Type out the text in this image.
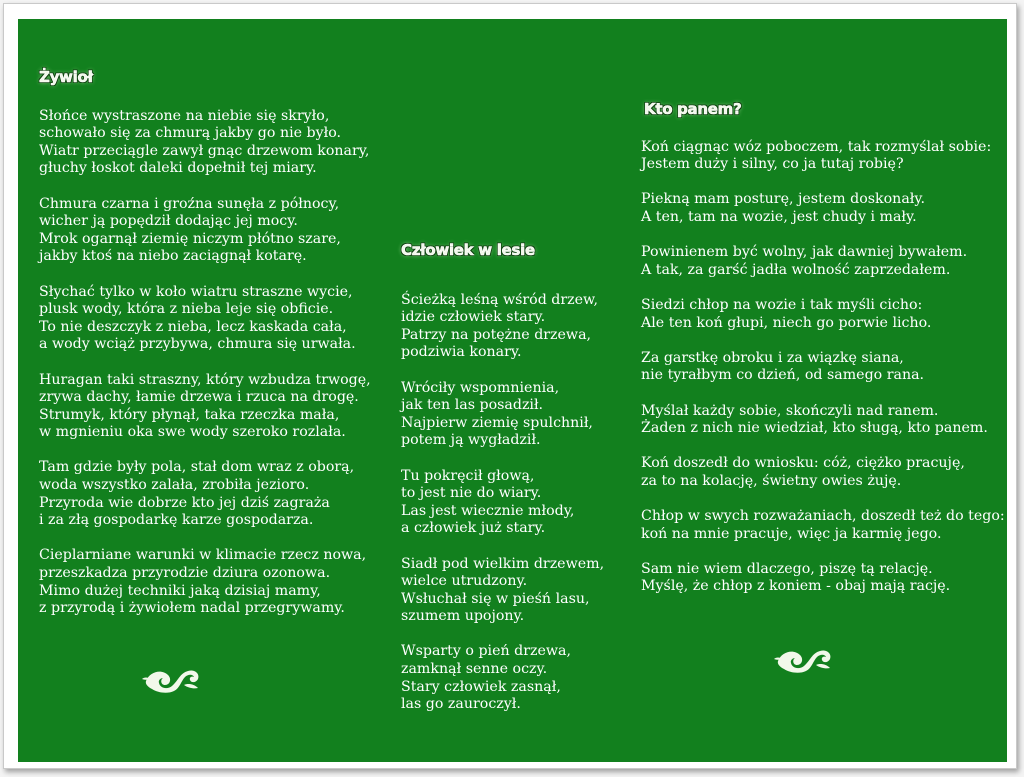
Żywioł
Słońce wystraszone na niebie się skryło,
schowało się za chmurą jakby go nie było.
Wiatr przeciągle zawył gnąc drzewom konary,
głuchy łoskot daleki dopełnił tej miary.
Chmura czarna i groźna sunęła z północy,
wicher ją popędził dodając jej mocy.
Mrok ogarnął ziemię niczym płótno szare,
jakby ktoś na niebo zaciągnął kotarę.
Słychać tylko w koło wiatru straszne wycie,
plusk wody, która z nieba leje się obficie.
To nie deszczyk z nieba, lecz kaskada cała,
a wody wciąż przybywa, chmura się urwała.
Huragan taki straszny, który wzbudza trwogę,
zrywa dachy, łamie drzewa i rzuca na drogę.
Strumyk, który płynął, taka rzeczka mała,
w mgnieniu oka swe wody szeroko rozlała.
Tam gdzie były pola, stał dom wraz z oborą,
woda wszystko zalała, zrobiła jezioro.
Przyroda wie dobrze kto jej dziś zagraża
i za złą gospodarkę karze gospodarza.
Cieplarniane warunki w klimacie rzecz nowa,
przeszkadza przyrodzie dziura ozonowa.
Mimo dużej techniki jaką dzisiaj mamy,
z przyrodą i żywiołem nadal przegrywamy.
Człowiek w lesie
Ścieżką leśną wśród drzew,
idzie człowiek stary.
Patrzy na potężne drzewa,
podziwia konary.
Wróciły wspomnienia,
jak ten las posadził.
Najpierw ziemię spulchnił,
potem ją wygładził.
Tu pokręcił głową,
to jest nie do wiary.
Las jest wiecznie młody,
a człowiek już stary.
Siadł pod wielkim drzewem,
wielce utrudzony.
Wsłuchał się w pieśń lasu,
szumem upojony.
Wsparty o pień drzewa,
zamknął senne oczy.
Stary człowiek zasnął,
las go zauroczył.
Kto panem?
Koń ciągnąc wóz poboczem, tak rozmyślał sobie:
Jestem duży i silny, co ja tutaj robię?
Piekną mam posturę, jestem doskonały.
A ten, tam na wozie, jest chudy i mały.
Powinienem być wolny, jak dawniej bywałem.
A tak, za garść jadła wolność zaprzedałem.
Siedzi chłop na wozie i tak myśli cicho:
Ale ten koń głupi, niech go porwie licho.
Za garstkę obroku i za wiązkę siana,
nie tyrałbym co dzień, od samego rana.
Myślał każdy sobie, skończyli nad ranem.
Żaden z nich nie wiedział, kto sługą, kto panem.
Koń doszedł do wniosku: cóż, ciężko pracuję,
za to na kolację, świetny owies żuję.
Chłop w swych rozważaniach, doszedł też do tego:
koń na mnie pracuje, więc ja karmię jego.
Sam nie wiem dlaczego, piszę tą relację.
Myślę, że chłop z koniem - obaj mają rację.
